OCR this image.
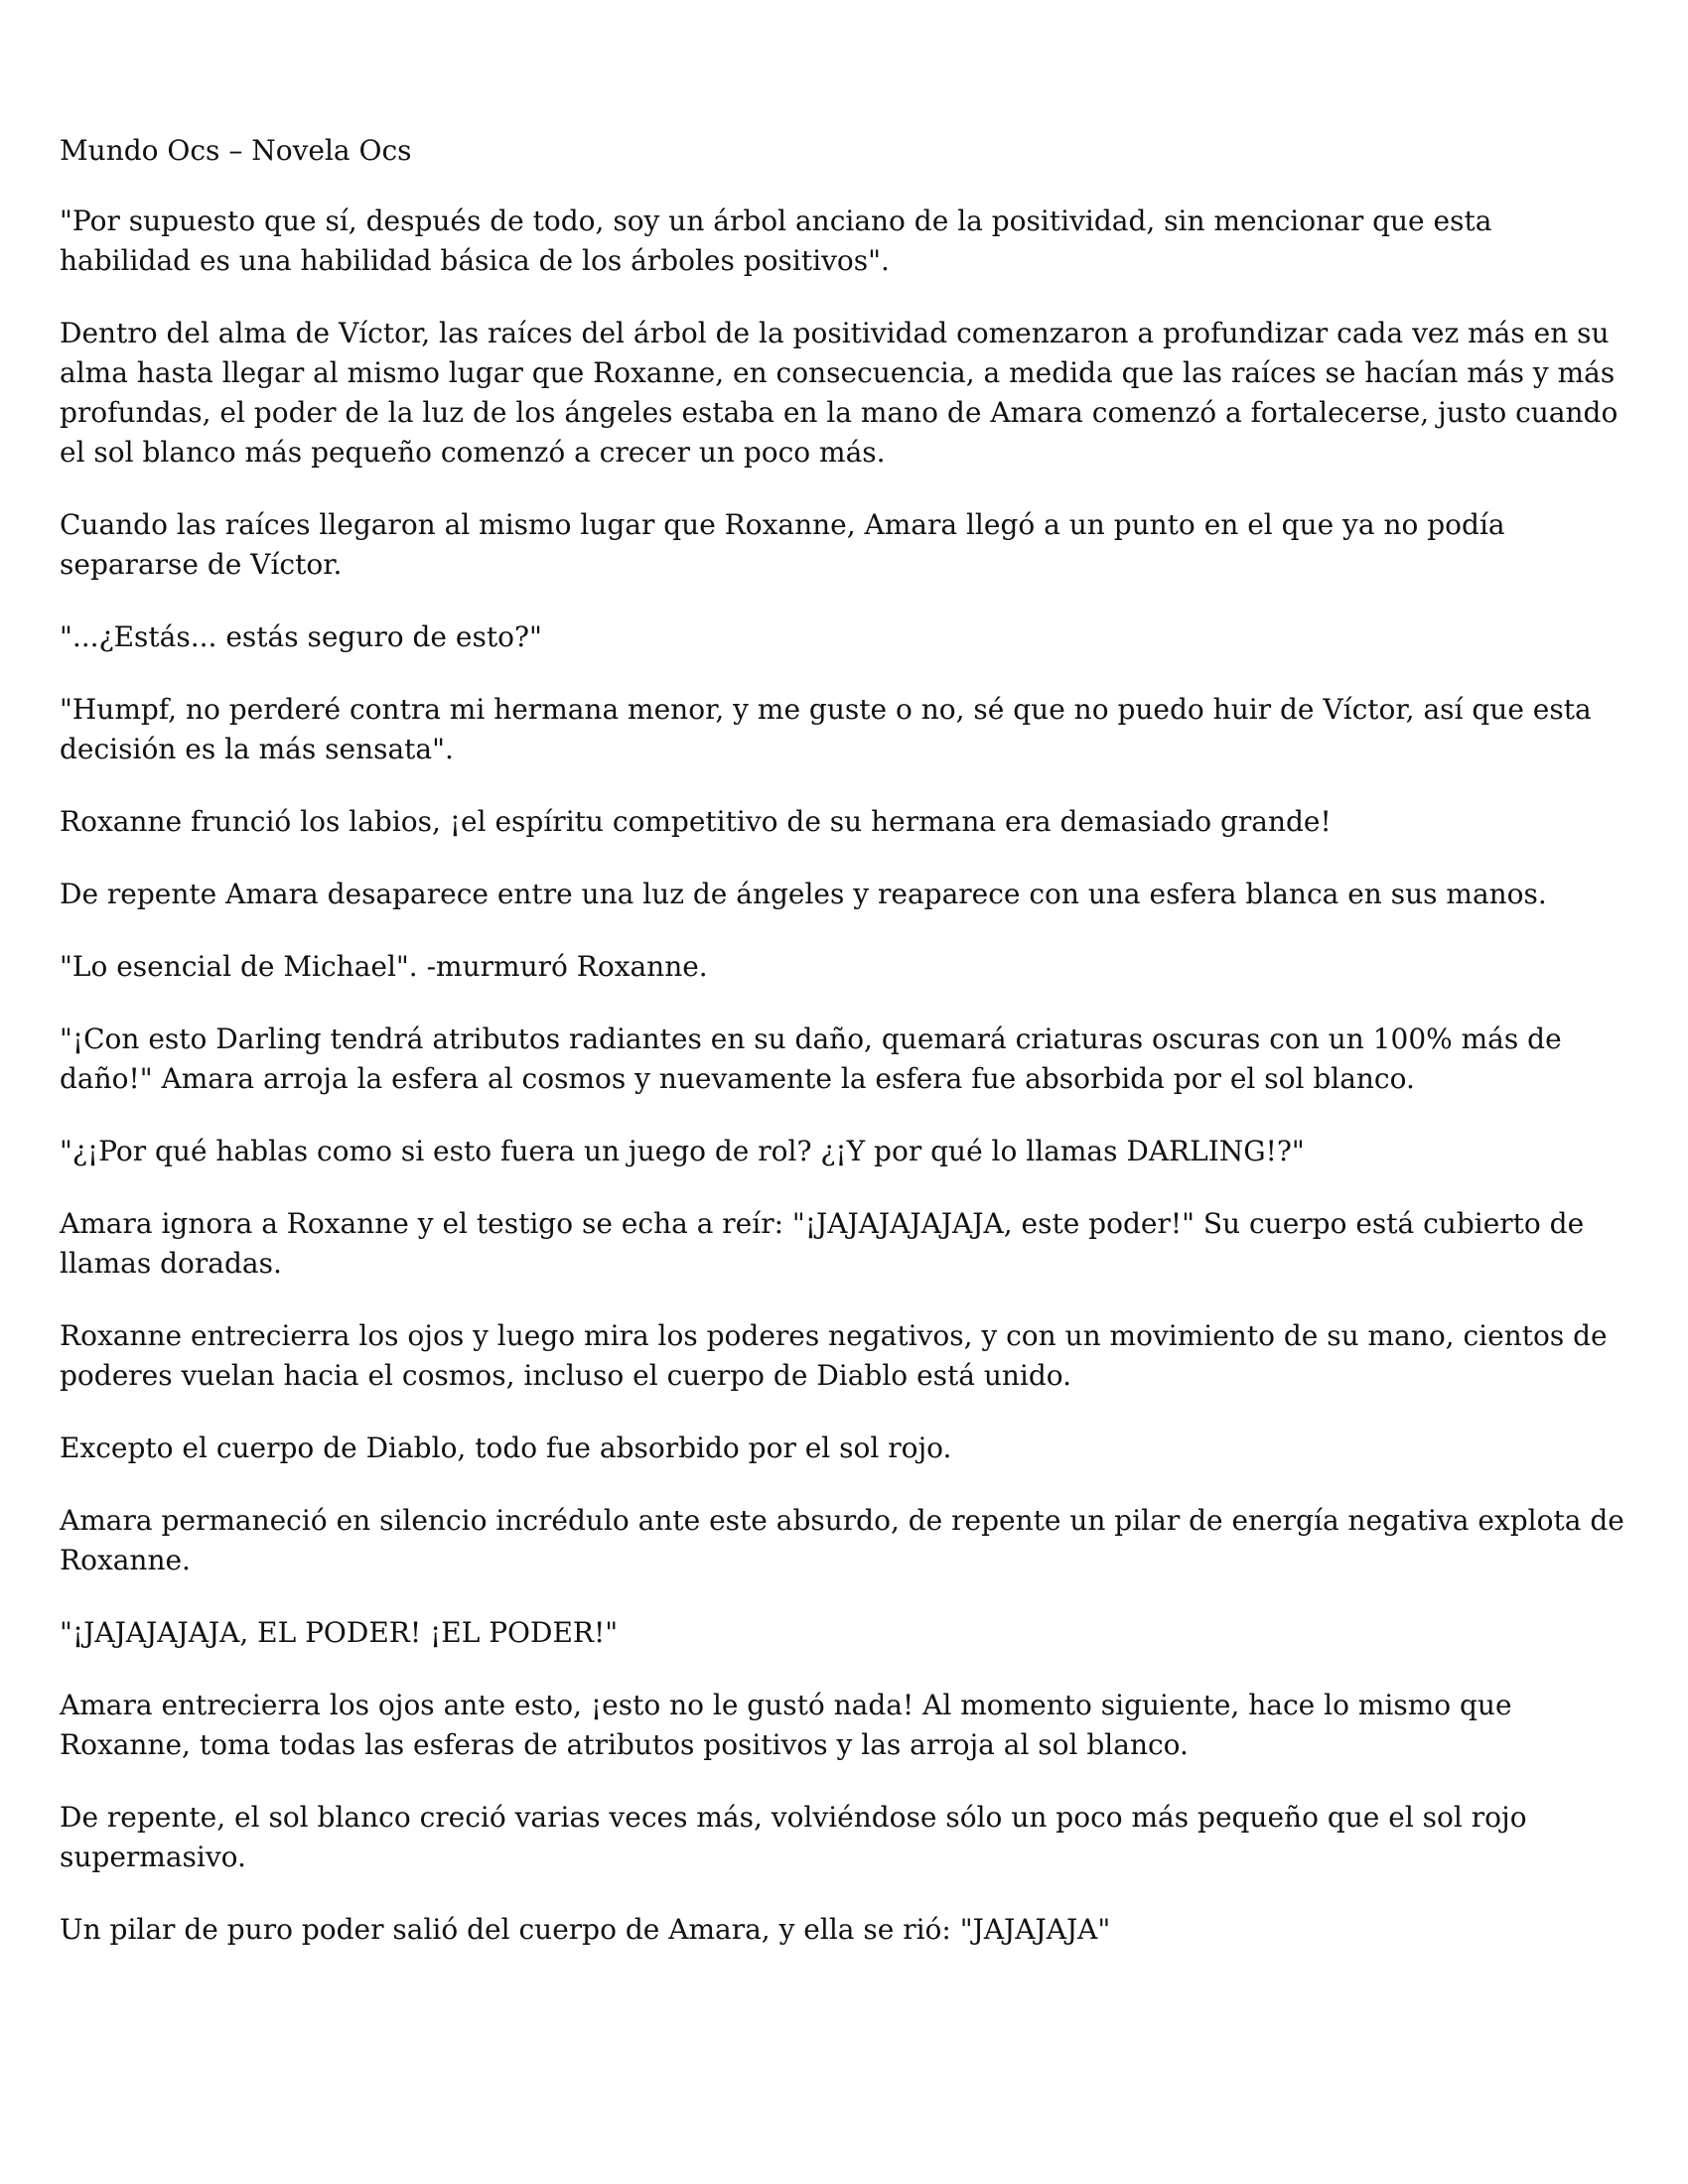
Mundo Ocs – Novela Ocs

"Por supuesto que sí, después de todo, soy un árbol anciano de la positividad, sin mencionar que esta habilidad es una habilidad básica de los árboles positivos".

Dentro del alma de Víctor, las raíces del árbol de la positividad comenzaron a profundizar cada vez más en su alma hasta llegar al mismo lugar que Roxanne, en consecuencia, a medida que las raíces se hacían más y más profundas, el poder de la luz de los ángeles estaba en la mano de Amara comenzó a fortalecerse, justo cuando el sol blanco más pequeño comenzó a crecer un poco más.

Cuando las raíces llegaron al mismo lugar que Roxanne, Amara llegó a un punto en el que ya no podía separarse de Víctor.

"...¿Estás... estás seguro de esto?"

"Humpf, no perderé contra mi hermana menor, y me guste o no, sé que no puedo huir de Víctor, así que esta decisión es la más sensata".

Roxanne frunció los labios, ¡el espíritu competitivo de su hermana era demasiado grande!

De repente Amara desaparece entre una luz de ángeles y reaparece con una esfera blanca en sus manos.

"Lo esencial de Michael". -murmuró Roxanne.

"¡Con esto Darling tendrá atributos radiantes en su daño, quemará criaturas oscuras con un 100% más de daño!" Amara arroja la esfera al cosmos y nuevamente la esfera fue absorbida por el sol blanco.

"¿¡Por qué hablas como si esto fuera un juego de rol? ¿¡Y por qué lo llamas DARLING!?"

Amara ignora a Roxanne y el testigo se echa a reír: "¡JAJAJAJAJAJA, este poder!" Su cuerpo está cubierto de llamas doradas.

Roxanne entrecierra los ojos y luego mira los poderes negativos, y con un movimiento de su mano, cientos de poderes vuelan hacia el cosmos, incluso el cuerpo de Diablo está unido.

Excepto el cuerpo de Diablo, todo fue absorbido por el sol rojo.

Amara permaneció en silencio incrédulo ante este absurdo, de repente un pilar de energía negativa explota de Roxanne.

"¡JAJAJAJAJA, EL PODER! ¡EL PODER!"

Amara entrecierra los ojos ante esto, ¡esto no le gustó nada! Al momento siguiente, hace lo mismo que Roxanne, toma todas las esferas de atributos positivos y las arroja al sol blanco.

De repente, el sol blanco creció varias veces más, volviéndose sólo un poco más pequeño que el sol rojo supermasivo.

Un pilar de puro poder salió del cuerpo de Amara, y ella se rió: "JAJAJAJA"
